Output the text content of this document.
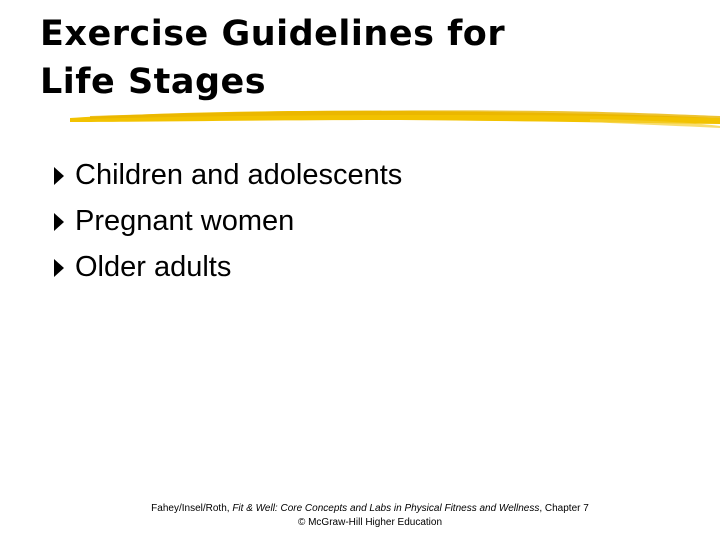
Exercise Guidelines for
Life Stages
Children and adolescents
Pregnant women
Older adults
Fahey/Insel/Roth, Fit & Well: Core Concepts and Labs in Physical Fitness and Wellness, Chapter 7
© McGraw-Hill Higher Education
